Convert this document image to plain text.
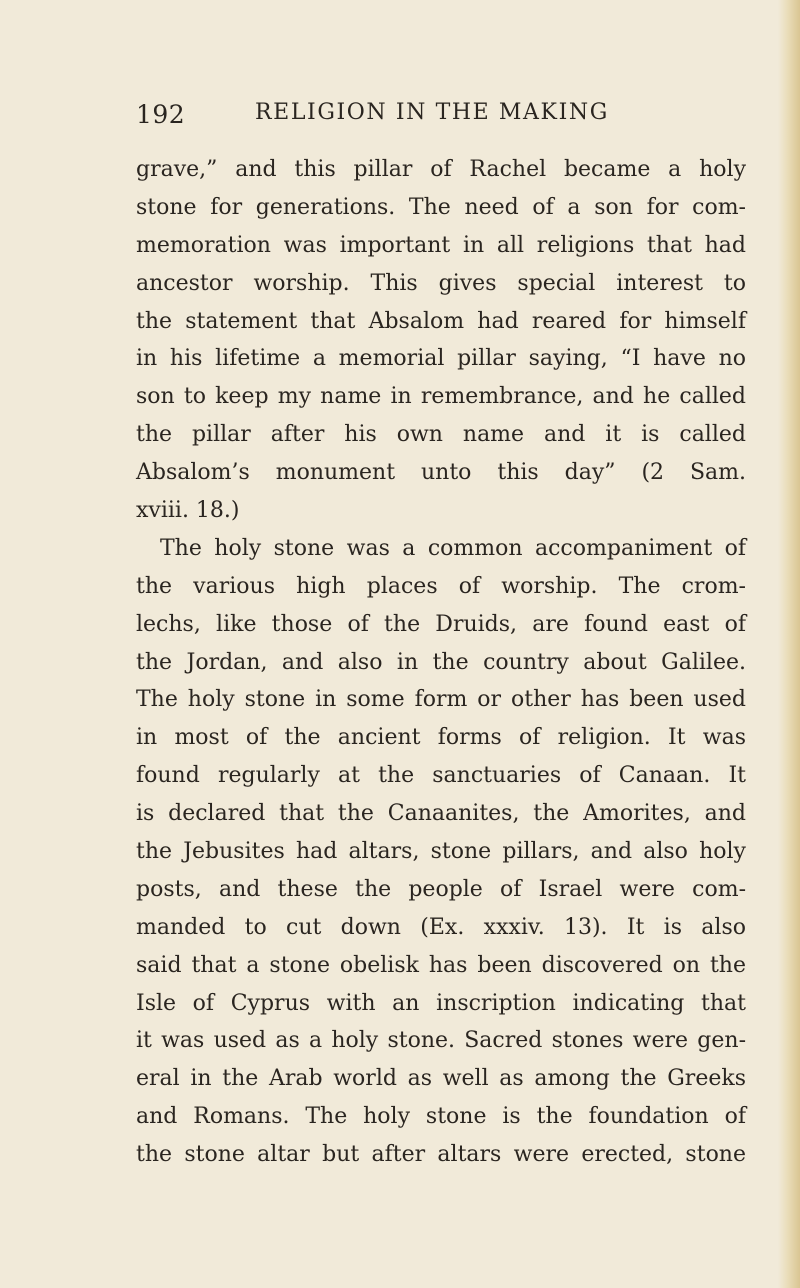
192	RELIGION IN THE MAKING
grave,” and this pillar of Rachel became a holy
stone for generations. The need of a son for com-
memoration was important in all religions that had
ancestor worship. This gives special interest to
the statement that Absalom had reared for himself
in his lifetime a memorial pillar saying, “I have no
son to keep my name in remembrance, and he called
the pillar after his own name and it is called
Absalom’s monument unto this day” (2 Sam.
xviii. 18.)
The holy stone was a common accompaniment of
the various high places of worship. The crom-
lechs, like those of the Druids, are found east of
the Jordan, and also in the country about Galilee.
The holy stone in some form or other has been used
in most of the ancient forms of religion. It was
found regularly at the sanctuaries of Canaan. It
is declared that the Canaanites, the Amorites, and
the Jebusites had altars, stone pillars, and also holy
posts, and these the people of Israel were com-
manded to cut down (Ex. xxxiv. 13). It is also
said that a stone obelisk has been discovered on the
Isle of Cyprus with an inscription indicating that
it was used as a holy stone. Sacred stones were gen-
eral in the Arab world as well as among the Greeks
and Romans. The holy stone is the foundation of
the stone altar but after altars were erected, stone
